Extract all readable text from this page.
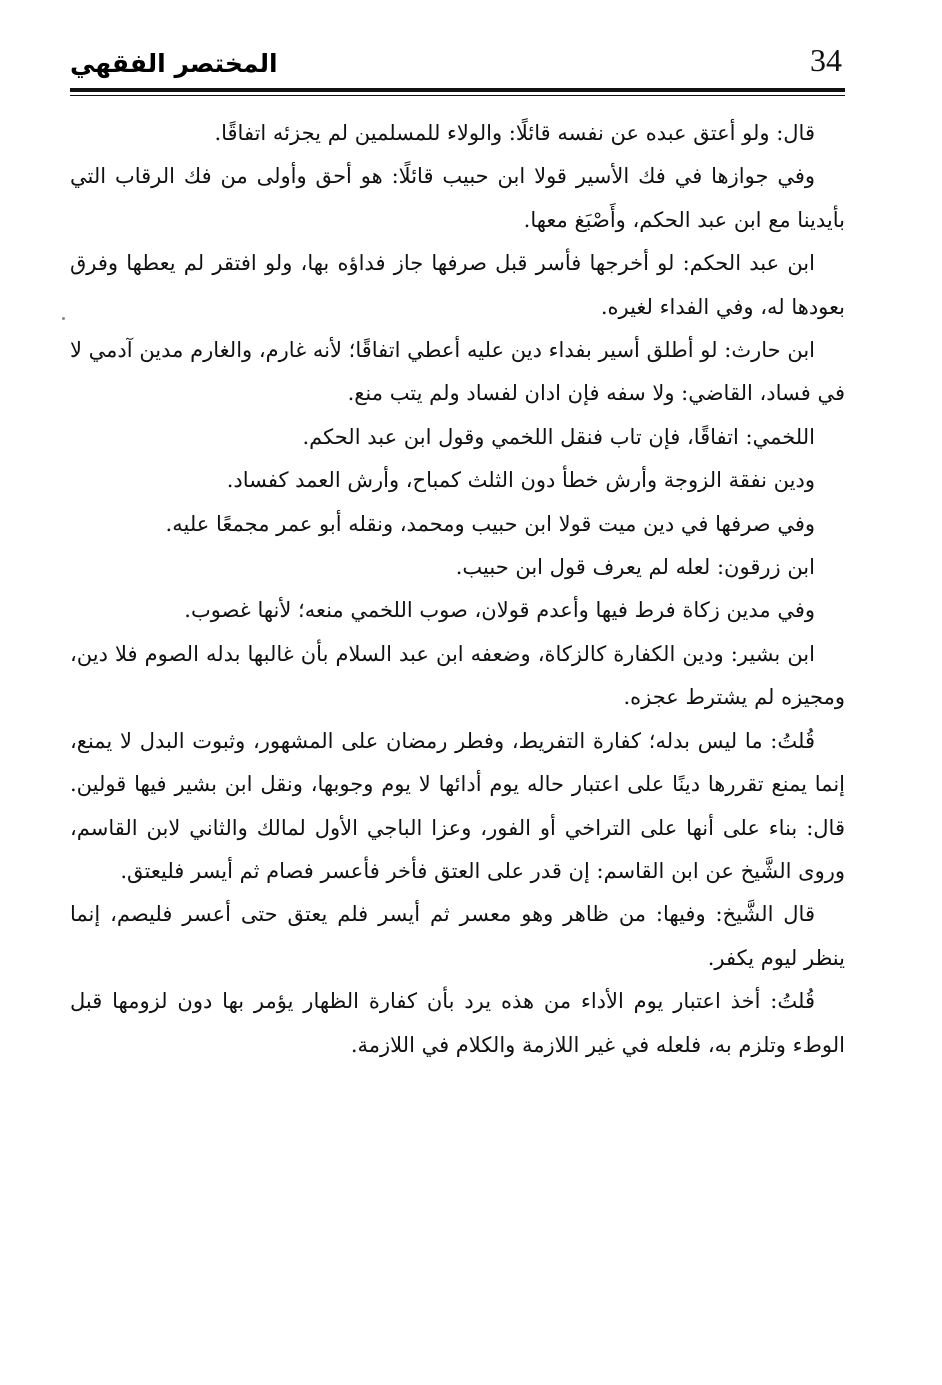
المختصر الفقهي	34

قال: ولو أعتق عبده عن نفسه قائلًا: والولاء للمسلمين لم يجزئه اتفاقًا.

وفي جوازها في فك الأسير قولا ابن حبيب قائلًا: هو أحق وأولى من فك الرقاب التي بأيدينا مع ابن عبد الحكم، وأَصْبَغ معها.

ابن عبد الحكم: لو أخرجها فأسر قبل صرفها جاز فداؤه بها، ولو افتقر لم يعطها وفرق بعودها له، وفي الفداء لغيره.

ابن حارث: لو أطلق أسير بفداء دين عليه أعطي اتفاقًا؛ لأنه غارم، والغارم مدين آدمي لا في فساد، القاضي: ولا سفه فإن ادان لفساد ولم يتب منع.

اللخمي: اتفاقًا، فإن تاب فنقل اللخمي وقول ابن عبد الحكم.

ودين نفقة الزوجة وأرش خطأ دون الثلث كمباح، وأرش العمد كفساد.

وفي صرفها في دين ميت قولا ابن حبيب ومحمد، ونقله أبو عمر مجمعًا عليه.

ابن زرقون: لعله لم يعرف قول ابن حبيب.

وفي مدين زكاة فرط فيها وأعدم قولان، صوب اللخمي منعه؛ لأنها غصوب.

ابن بشير: ودين الكفارة كالزكاة، وضعفه ابن عبد السلام بأن غالبها بدله الصوم فلا دين، ومجيزه لم يشترط عجزه.

قُلتُ: ما ليس بدله؛ كفارة التفريط، وفطر رمضان على المشهور، وثبوت البدل لا يمنع، إنما يمنع تقررها دينًا على اعتبار حاله يوم أدائها لا يوم وجوبها، ونقل ابن بشير فيها قولين. قال: بناء على أنها على التراخي أو الفور، وعزا الباجي الأول لمالك والثاني لابن القاسم، وروى الشَّيخ عن ابن القاسم: إن قدر على العتق فأخر فأعسر فصام ثم أيسر فليعتق.

قال الشَّيخ: وفيها: من ظاهر وهو معسر ثم أيسر فلم يعتق حتى أعسر فليصم، إنما ينظر ليوم يكفر.

قُلتُ: أخذ اعتبار يوم الأداء من هذه يرد بأن كفارة الظهار يؤمر بها دون لزومها قبل الوطء وتلزم به، فلعله في غير اللازمة والكلام في اللازمة.
